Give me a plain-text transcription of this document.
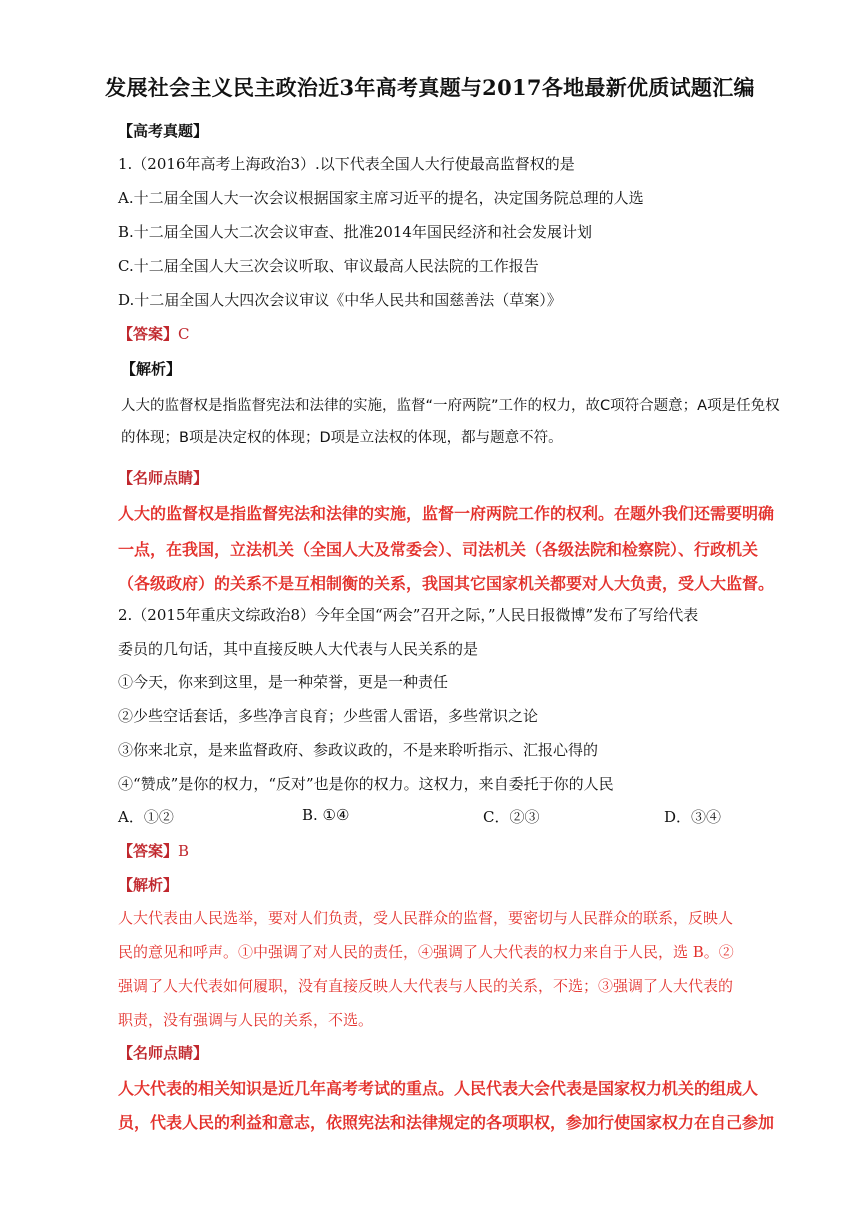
发展社会主义民主政治近3年高考真题与2017各地最新优质试题汇编
【高考真题】
1.（2016年高考上海政治3）.以下代表全国人大行使最高监督权的是
A.十二届全国人大一次会议根据国家主席习近平的提名，决定国务院总理的人选
B.十二届全国人大二次会议审查、批准2014年国民经济和社会发展计划
C.十二届全国人大三次会议听取、审议最高人民法院的工作报告
D.十二届全国人大四次会议审议《中华人民共和国慈善法（草案）》
【答案】C
【解析】
人大的监督权是指监督宪法和法律的实施，监督“一府两院”工作的权力，故C项符合题意；A项是任免权
的体现；B项是决定权的体现；D项是立法权的体现，都与题意不符。
【名师点睛】
人大的监督权是指监督宪法和法律的实施，监督一府两院工作的权利。在题外我们还需要明确
一点，在我国，立法机关（全国人大及常委会）、司法机关（各级法院和检察院）、行政机关
（各级政府）的关系不是互相制衡的关系，我国其它国家机关都要对人大负责，受人大监督。
2.（2015年重庆文综政治8）今年全国“两会”召开之际，”人民日报微博”发布了写给代表
委员的几句话，其中直接反映人大代表与人民关系的是
①今天，你来到这里，是一种荣誉，更是一种责任
②少些空话套话，多些净言良育；少些雷人雷语，多些常识之论
③你来北京，是来监督政府、参政议政的，不是来聆听指示、汇报心得的
④“赞成”是你的权力，“反对”也是你的权力。这权力，来自委托于你的人民
A．①②	B. ①④	C．②③	D．③④
【答案】B
【解析】
人大代表由人民选举，要对人们负责，受人民群众的监督，要密切与人民群众的联系，反映人
民的意见和呼声。①中强调了对人民的责任，④强调了人大代表的权力来自于人民，选 B。②
强调了人大代表如何履职，没有直接反映人大代表与人民的关系，不选；③强调了人大代表的
职责，没有强调与人民的关系，不选。
【名师点睛】
人大代表的相关知识是近几年高考考试的重点。人民代表大会代表是国家权力机关的组成人
员，代表人民的利益和意志，依照宪法和法律规定的各项职权，参加行使国家权力在自己参加
